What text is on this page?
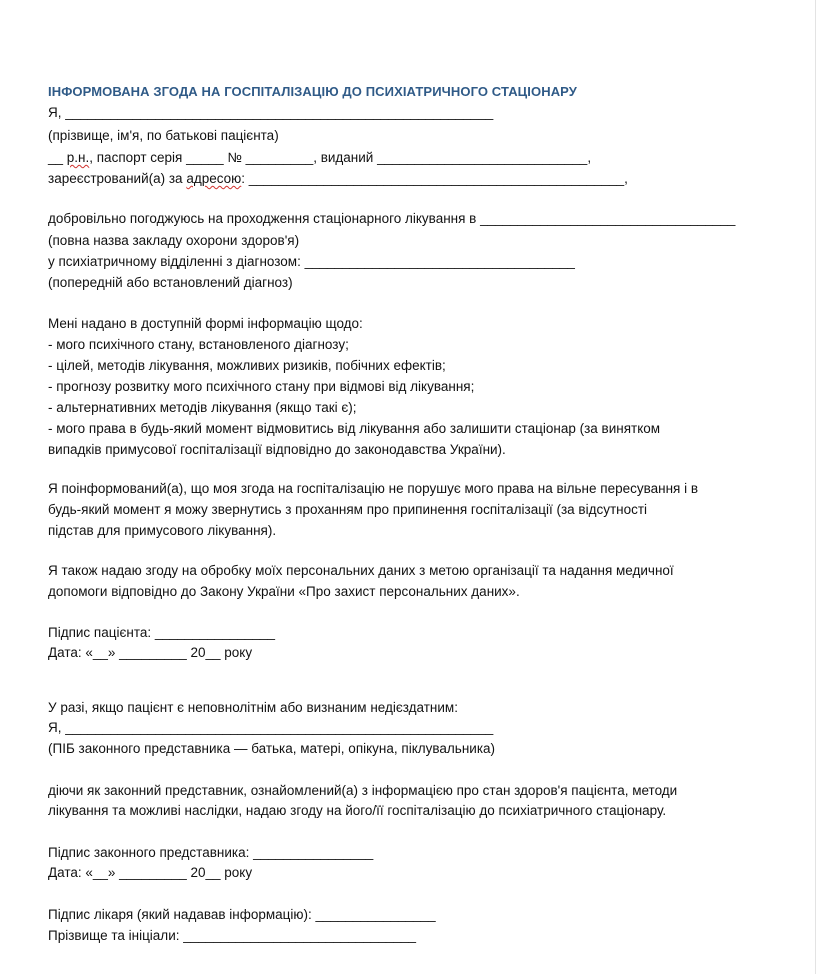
ІНФОРМОВАНА ЗГОДА НА ГОСПІТАЛІЗАЦІЮ ДО ПСИХІАТРИЧНОГО СТАЦІОНАРУ
Я, _________________________________________________________
(прізвище, ім'я, по батькові пацієнта)
__ р.н., паспорт серія _____ № _________, виданий ____________________________,
зареєстрований(а) за адресою: __________________________________________________,
добровільно погоджуюсь на проходження стаціонарного лікування в __________________________________
(повна назва закладу охорони здоров'я)
у психіатричному відділенні з діагнозом: ____________________________________
(попередній або встановлений діагноз)
Мені надано в доступній формі інформацію щодо:
- мого психічного стану, встановленого діагнозу;
- цілей, методів лікування, можливих ризиків, побічних ефектів;
- прогнозу розвитку мого психічного стану при відмові від лікування;
- альтернативних методів лікування (якщо такі є);
- мого права в будь-який момент відмовитись від лікування або залишити стаціонар (за винятком
випадків примусової госпіталізації відповідно до законодавства України).
Я поінформований(а), що моя згода на госпіталізацію не порушує мого права на вільне пересування і в
будь-який момент я можу звернутись з проханням про припинення госпіталізації (за відсутності
підстав для примусового лікування).
Я також надаю згоду на обробку моїх персональних даних з метою організації та надання медичної
допомоги відповідно до Закону України «Про захист персональних даних».
Підпис пацієнта: ________________
Дата: «__» _________ 20__ року
У разі, якщо пацієнт є неповнолітнім або визнаним недієздатним:
Я, _________________________________________________________
(ПІБ законного представника — батька, матері, опікуна, піклувальника)
діючи як законний представник, ознайомлений(а) з інформацією про стан здоров'я пацієнта, методи
лікування та можливі наслідки, надаю згоду на його/її госпіталізацію до психіатричного стаціонару.
Підпис законного представника: ________________
Дата: «__» _________ 20__ року
Підпис лікаря (який надавав інформацію): ________________
Прізвище та ініціали: _______________________________
